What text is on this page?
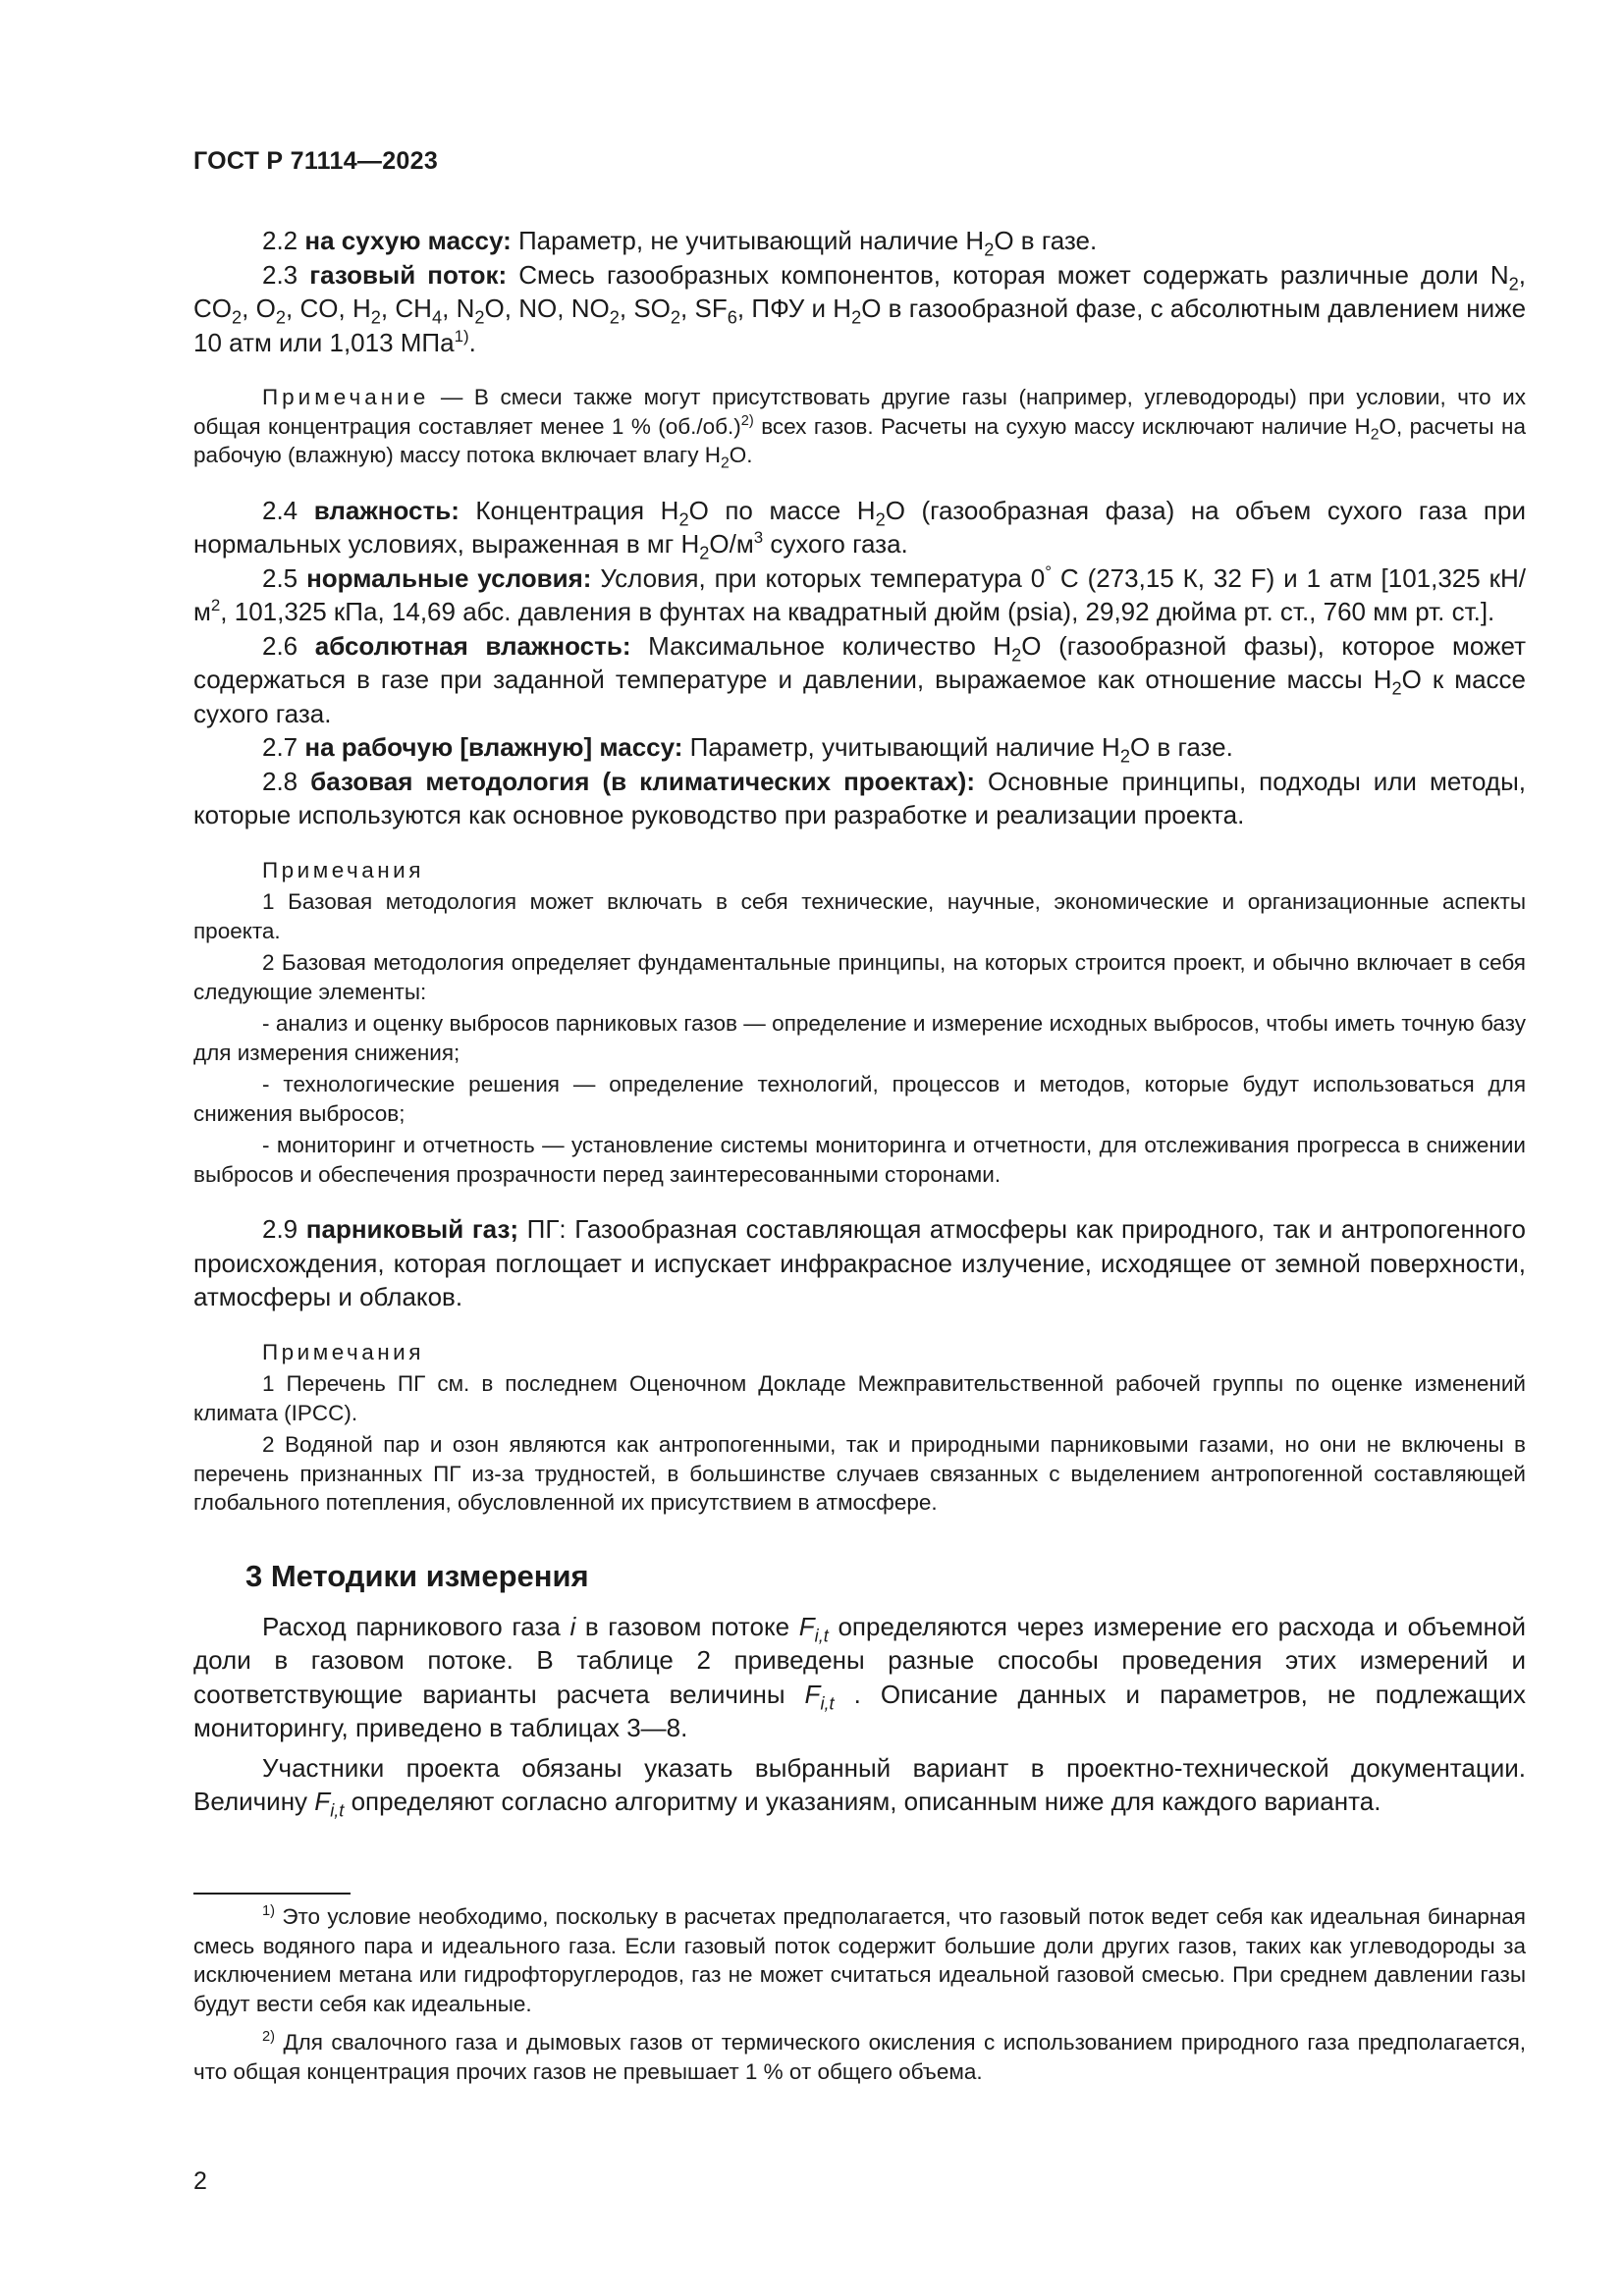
ГОСТ Р 71114—2023

2.2 на сухую массу: Параметр, не учитывающий наличие $H_2O$ в газе.

2.3 газовый поток: Смесь газообразных компонентов, которая может содержать различные доли $N_2$, $CO_2$, $O_2$, CO, $H_2$, $CH_4$, $N_2O$, NO, $NO_2$, $SO_2$, $SF_6$, ПФУ и $H_2O$ в газообразной фазе, с абсолютным давлением ниже 10 атм или 1,013 МПа$^{1)}$.

Примечание — В смеси также могут присутствовать другие газы (например, углеводороды) при условии, что их общая концентрация составляет менее 1 % $(об./об.)^{2)}$ всех газов. Расчеты на сухую массу исключают наличие $H_2O$, расчеты на рабочую (влажную) массу потока включает влагу $H_2O$.

2.4 влажность: Концентрация $H_2O$ по массе $H_2O$ (газообразная фаза) на объем сухого газа при нормальных условиях, выраженная в мг $H_2O/м^3$ сухого газа.

2.5 нормальные условия: Условия, при которых температура 0° C (273,15 К, 32 F) и 1 атм [101,325 $кН/м^2$, 101,325 кПа, 14,69 абс. давления в фунтах на квадратный дюйм (psia), 29,92 дюйма рт. ст., 760 мм рт. ст.].

2.6 абсолютная влажность: Максимальное количество $H_2O$ (газообразной фазы), которое может содержаться в газе при заданной температуре и давлении, выражаемое как отношение массы $H_2O$ к массе сухого газа.

2.7 на рабочую [влажную] массу: Параметр, учитывающий наличие $H_2O$ в газе.

2.8 базовая методология (в климатических проектах): Основные принципы, подходы или методы, которые используются как основное руководство при разработке и реализации проекта.

Примечания

1 Базовая методология может включать в себя технические, научные, экономические и организационные аспекты проекта.

2 Базовая методология определяет фундаментальные принципы, на которых строится проект, и обычно включает в себя следующие элементы:

- анализ и оценку выбросов парниковых газов — определение и измерение исходных выбросов, чтобы иметь точную базу для измерения снижения;

- технологические решения — определение технологий, процессов и методов, которые будут использоваться для снижения выбросов;

- мониторинг и отчетность — установление системы мониторинга и отчетности, для отслеживания прогресса в снижении выбросов и обеспечения прозрачности перед заинтересованными сторонами.

2.9 парниковый газ; ПГ: Газообразная составляющая атмосферы как природного, так и антропогенного происхождения, которая поглощает и испускает инфракрасное излучение, исходящее от земной поверхности, атмосферы и облаков.

Примечания

1 Перечень ПГ см. в последнем Оценочном Докладе Межправительственной рабочей группы по оценке изменений климата (IPCC).

2 Водяной пар и озон являются как антропогенными, так и природными парниковыми газами, но они не включены в перечень признанных ПГ из-за трудностей, в большинстве случаев связанных с выделением антропогенной составляющей глобального потепления, обусловленной их присутствием в атмосфере.

3 Методики измерения

Расход парникового газа i в газовом потоке $F_{i,t}$ определяются через измерение его расхода и объемной доли в газовом потоке. В таблице 2 приведены разные способы проведения этих измерений и соответствующие варианты расчета величины $F_{i,t}$ . Описание данных и параметров, не подлежащих мониторингу, приведено в таблицах 3—8.

Участники проекта обязаны указать выбранный вариант в проектно-технической документации. Величину $F_{i,t}$ определяют согласно алгоритму и указаниям, описанным ниже для каждого варианта.

$^{1)}$ Это условие необходимо, поскольку в расчетах предполагается, что газовый поток ведет себя как идеальная бинарная смесь водяного пара и идеального газа. Если газовый поток содержит большие доли других газов, таких как углеводороды за исключением метана или гидрофторуглеродов, газ не может считаться идеальной газовой смесью. При среднем давлении газы будут вести себя как идеальные.

$^{2)}$ Для свалочного газа и дымовых газов от термического окисления с использованием природного газа предполагается, что общая концентрация прочих газов не превышает 1 % от общего объема.

2
